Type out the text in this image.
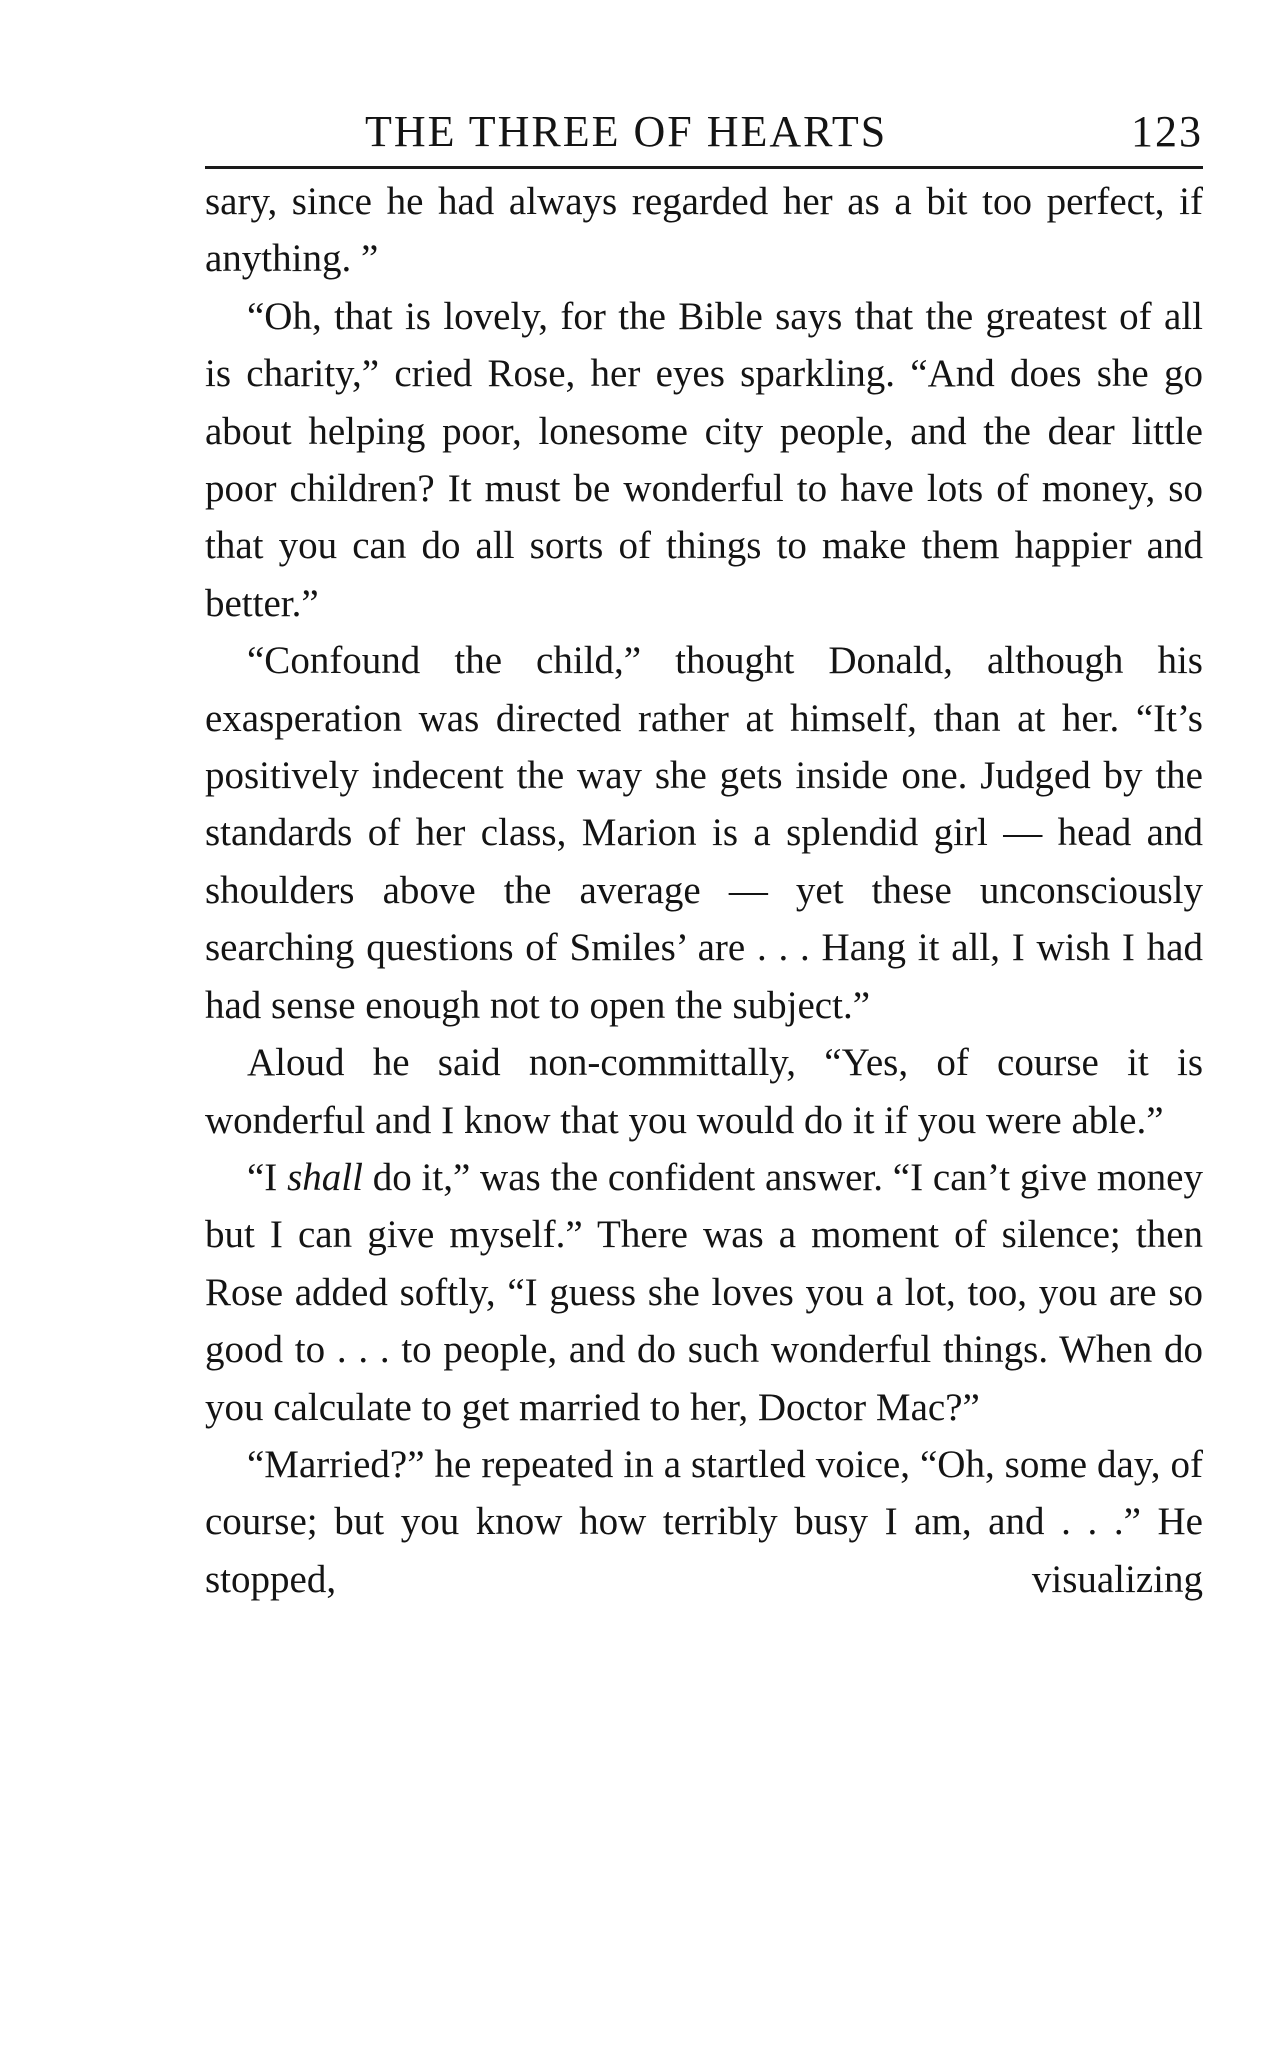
THE THREE OF HEARTS	123

sary, since he had always regarded her as a bit too perfect, if anything. ”

“Oh, that is lovely, for the Bible says that the greatest of all is charity,” cried Rose, her eyes sparkling. “And does she go about helping poor, lonesome city people, and the dear little poor children? It must be wonderful to have lots of money, so that you can do all sorts of things to make them happier and better.”

“Confound the child,” thought Donald, although his exasperation was directed rather at himself, than at her. “It’s positively indecent the way she gets inside one. Judged by the standards of her class, Marion is a splendid girl — head and shoulders above the average — yet these unconsciously searching questions of Smiles’ are . . . Hang it all, I wish I had had sense enough not to open the subject.”

Aloud he said non-committally, “Yes, of course it is wonderful and I know that you would do it if you were able.”

“I shall do it,” was the confident answer. “I can’t give money but I can give myself.” There was a moment of silence; then Rose added softly, “I guess she loves you a lot, too, you are so good to . . . to people, and do such wonderful things. When do you calculate to get married to her, Doctor Mac?”

“Married?” he repeated in a startled voice, “Oh, some day, of course; but you know how terribly busy I am, and . . .” He stopped, visualizing
